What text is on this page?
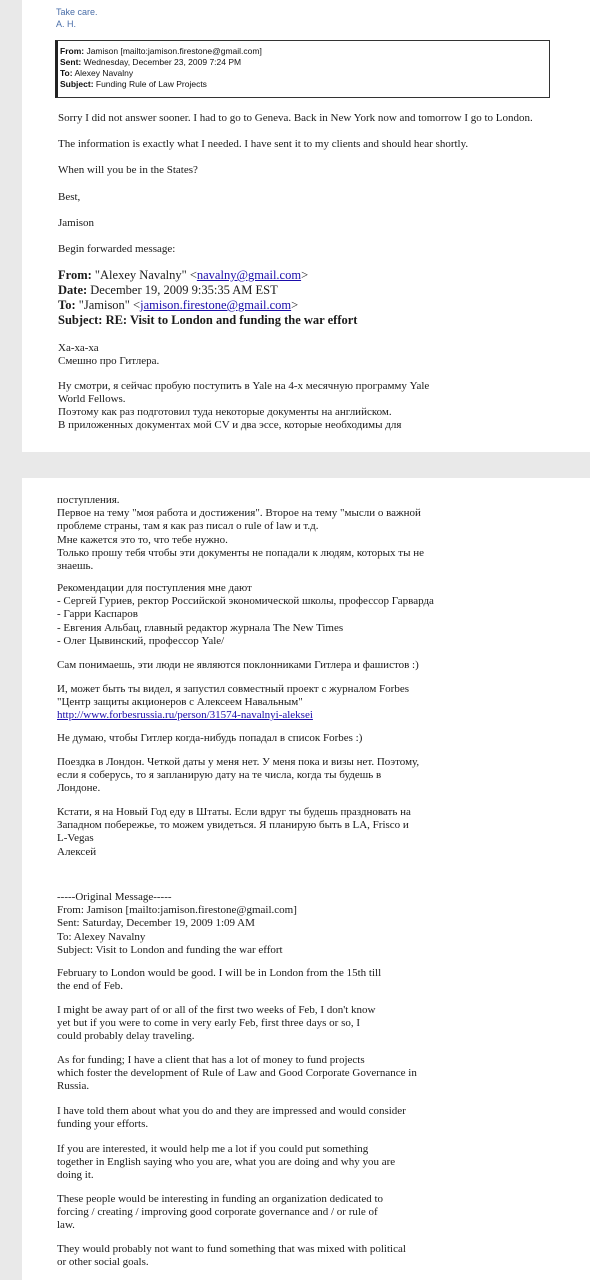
Take care.
A. H.
From: Jamison [mailto:jamison.firestone@gmail.com]
Sent: Wednesday, December 23, 2009 7:24 PM
To: Alexey Navalny
Subject: Funding Rule of Law Projects
Sorry I did not answer sooner. I had to go to Geneva. Back in New York now and tomorrow I go to London.
The information is exactly what I needed. I have sent it to my clients and should hear shortly.
When will you be in the States?
Best,
Jamison
Begin forwarded message:
From: "Alexey Navalny" <navalny@gmail.com>
Date: December 19, 2009 9:35:35 AM EST
To: "Jamison" <jamison.firestone@gmail.com>
Subject: RE: Visit to London and funding the war effort
Ха-ха-ха
Смешно про Гитлера.
Ну смотри, я сейчас пробую поступить в Yale на 4-х месячную программу Yale
World Fellows.
Поэтому как раз подготовил туда некоторые документы на английском.
В приложенных документах мой CV и два эссе, которые необходимы для
поступления.
Первое на тему "моя работа и достижения". Второе на тему "мысли о важной
проблеме страны, там я как раз писал о rule of law и т.д.
Мне кажется это то, что тебе нужно.
Только прошу тебя чтобы эти документы не попадали к людям, которых ты не
знаешь.
Рекомендации для поступления мне дают
- Сергей Гуриев, ректор Российской экономической школы, профессор Гарварда
- Гарри Каспаров
- Евгения Альбац, главный редактор журнала The New Times
- Олег Цывинский, профессор Yale/
Сам понимаешь, эти люди не являются поклонниками Гитлера и фашистов :)
И, может быть ты видел, я запустил совместный проект с журналом Forbes
"Центр защиты акционеров с Алексеем Навальным"
http://www.forbesrussia.ru/person/31574-navalnyi-aleksei
Не думаю, чтобы Гитлер когда-нибудь попадал в список Forbes :)
Поездка в Лондон. Четкой даты у меня нет. У меня пока и визы нет. Поэтому,
если я соберусь, то я запланирую дату на те числа, когда ты будешь в
Лондоне.
Кстати, я на Новый Год еду в Штаты. Если вдруг ты будешь праздновать на
Западном побережье, то можем увидеться. Я планирую быть в LA, Frisco и
L-Vegas
Алексей
-----Original Message-----
From: Jamison [mailto:jamison.firestone@gmail.com]
Sent: Saturday, December 19, 2009 1:09 AM
To: Alexey Navalny
Subject: Visit to London and funding the war effort
February to London would be good. I will be in London from the 15th till
the end of Feb.
I might be away part of or all of the first two weeks of Feb, I don't know
yet but if you were to come in very early Feb, first three days or so, I
could probably delay traveling.
As for funding; I have a client that has a lot of money to fund projects
which foster the development of Rule of Law and Good Corporate Governance in
Russia.
I have told them about what you do and they are impressed and would consider
funding your efforts.
If you are interested, it would help me a lot if you could put something
together in English saying who you are, what you are doing and why you are
doing it.
These people would be interesting in funding an organization dedicated to
forcing / creating / improving good corporate governance and / or rule of
law.
They would probably not want to fund something that was mixed with political
or other social goals.
